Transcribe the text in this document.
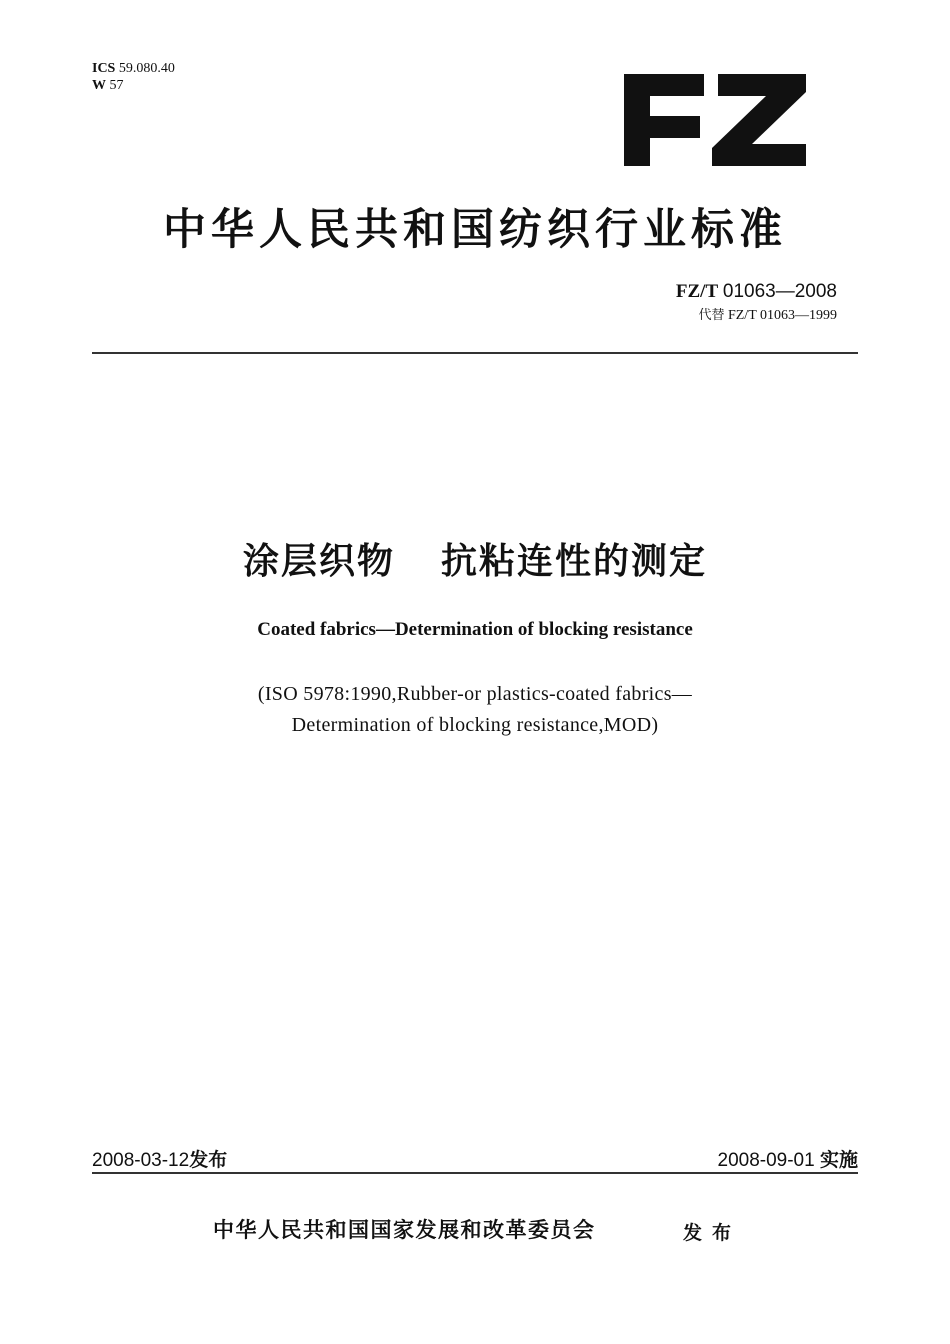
ICS 59.080.40
W 57
中华人民共和国纺织行业标准
FZ/T 01063—2008
代替 FZ/T 01063—1999
涂层织物 抗粘连性的测定
Coated fabrics—Determination of blocking resistance
(ISO 5978:1990,Rubber-or plastics-coated fabrics—
Determination of blocking resistance,MOD)
2008-03-12发布	2008-09-01 实施
中华人民共和国国家发展和改革委员会	发布
